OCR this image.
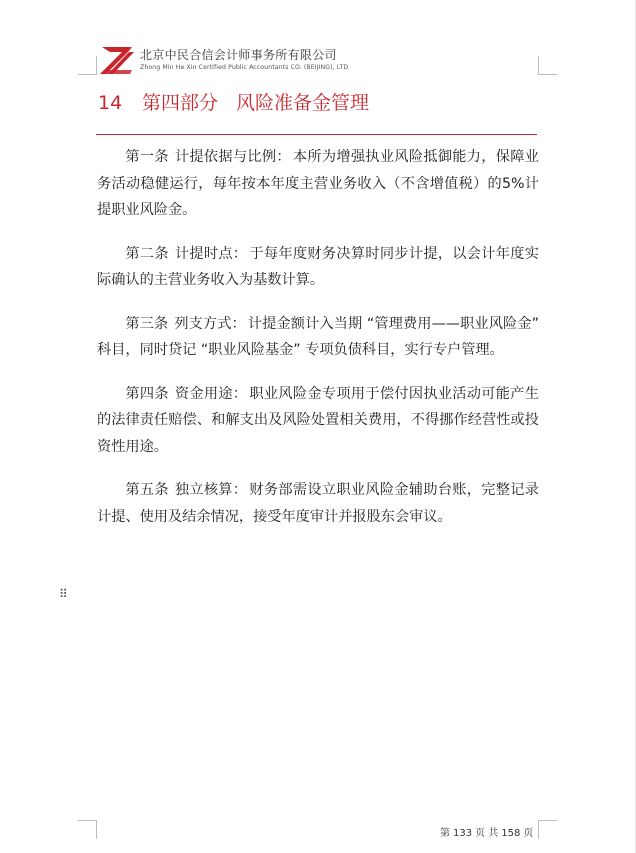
北京中民合信会计师事务所有限公司
Zhong Min He Xin Certified Public Accountants CO. (BEIJING), LTD
14 第四部分 风险准备金管理

第一条 计提依据与比例： 本所为增强执业风险抵御能力，保障业务活动稳健运行，每年按本年度主营业务收入（不含增值税）的5%计提职业风险金。

第二条 计提时点： 于每年度财务决算时同步计提，以会计年度实际确认的主营业务收入为基数计算。

第三条 列支方式： 计提金额计入当期 “管理费用——职业风险金” 科目，同时贷记 “职业风险基金” 专项负债科目，实行专户管理。

第四条 资金用途： 职业风险金专项用于偿付因执业活动可能产生的法律责任赔偿、和解支出及风险处置相关费用，不得挪作经营性或投资性用途。

第五条 独立核算： 财务部需设立职业风险金辅助台账，完整记录计提、使用及结余情况，接受年度审计并报股东会审议。

⠿
第 133 页 共 158 页
